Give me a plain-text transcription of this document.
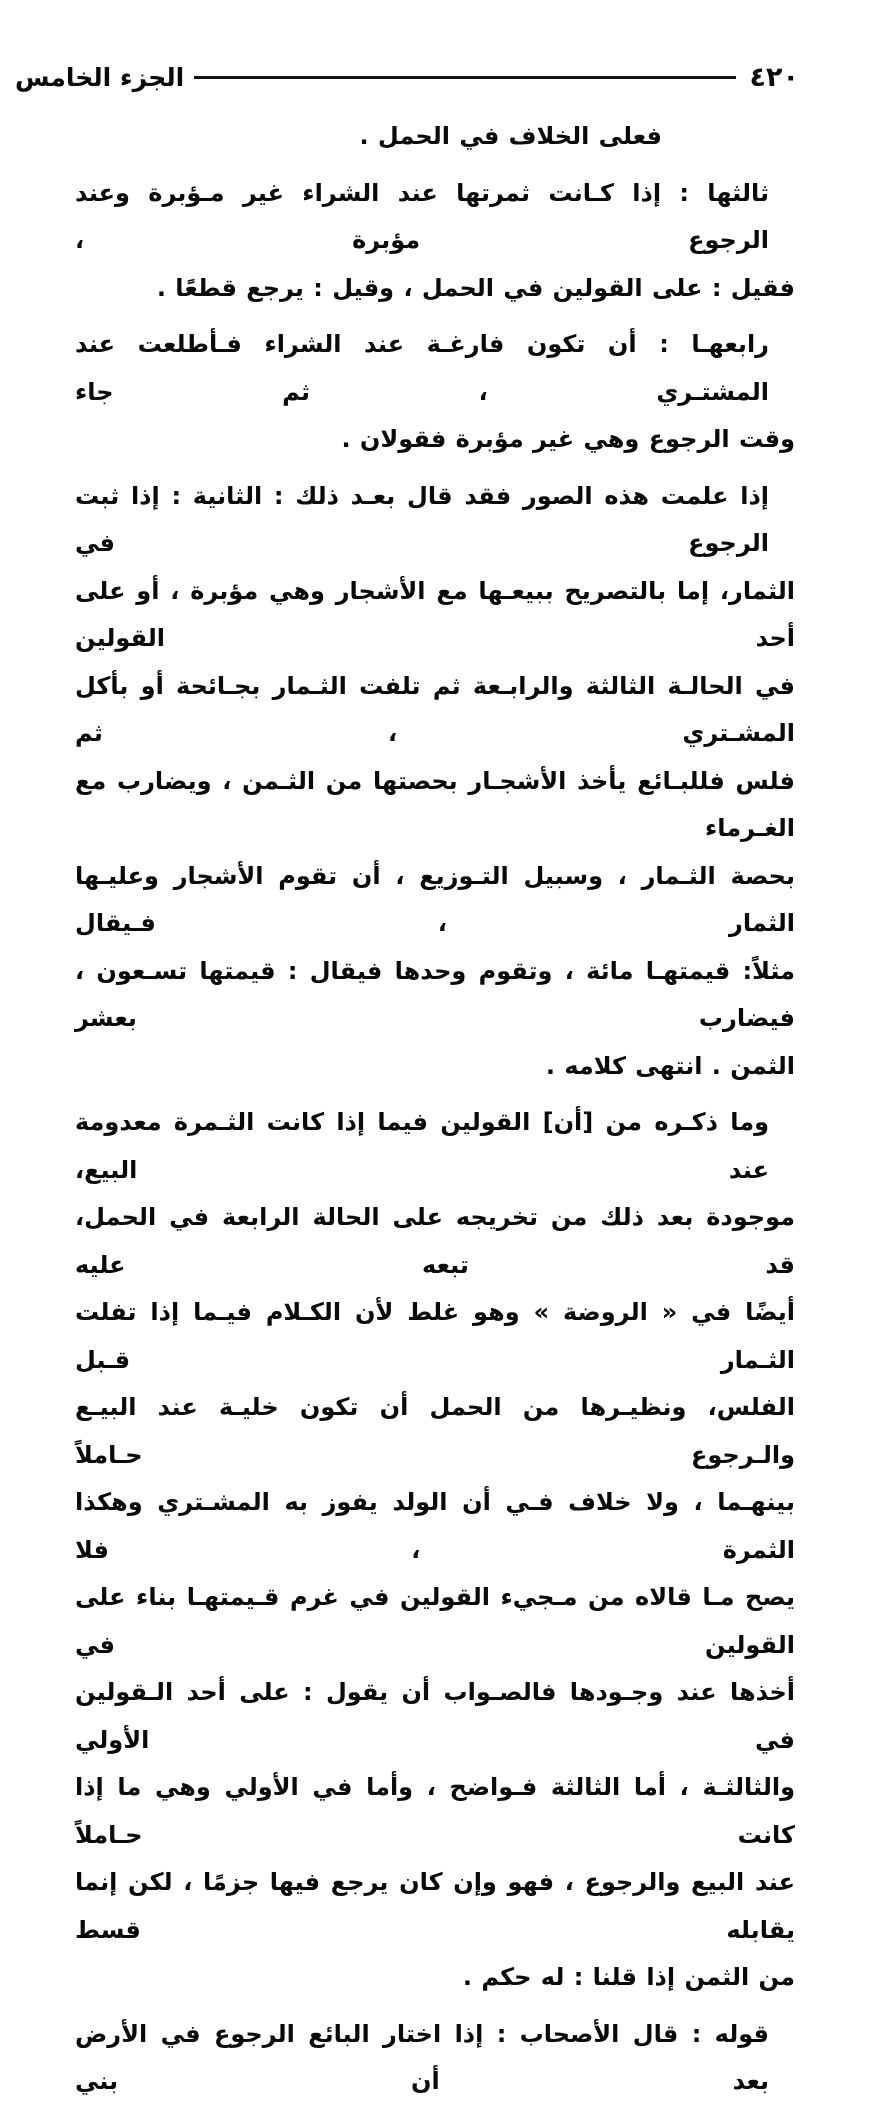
٤٢٠
الجزء الخامس
فعلى الخلاف في الحمل .
ثالثها : إذا كـانت ثمرتها عند الشراء غير مـؤبرة وعند الرجوع مؤبرة ،
فقيل : على القولين في الحمل ، وقيل : يرجع قطعًا .
رابعهـا : أن تكون فارغـة عند الشراء فـأطلعت عند المشتـري ، ثم جاء
وقت الرجوع وهي غير مؤبرة فقولان .
إذا علمت هذه الصور فقد قال بعـد ذلك : الثانية : إذا ثبت الرجوع في
الثمار، إما بالتصريح ببيعـها مع الأشجار وهي مؤبرة ، أو على أحد القولين
في الحالـة الثالثة والرابـعة ثم تلفت الثـمار بجـائحة أو بأكل المشـتري ، ثم
فلس فللبـائع يأخذ الأشجـار بحصتها من الثـمن ، ويضارب مع الغـرماء
بحصة الثـمار ، وسبيل التـوزيع ، أن تقوم الأشجار وعليـها الثمار ، فـيقال
مثلاً: قيمتهـا مائة ، وتقوم وحدها فيقال : قيمتها تسـعون ، فيضارب بعشر
الثمن . انتهى كلامه .
وما ذكـره من [أن] القولين فيما إذا كانت الثـمرة معدومة عند البيع،
موجودة بعد ذلك من تخريجه على الحالة الرابعة في الحمل، قد تبعه عليه
أيضًا في « الروضة » وهو غلط لأن الكـلام فيـما إذا تفلت الثـمار قـبل
الفلس، ونظيـرها من الحمل أن تكون خليـة عند البيـع والـرجوع حـاملاً
بينهـما ، ولا خلاف فـي أن الولد يفوز به المشـتري وهكذا الثمرة ، فلا
يصح مـا قالاه من مـجيء القولين في غرم قـيمتهـا بناء على القولين في
أخذها عند وجـودها فالصـواب أن يقول : على أحد الـقولين في الأولي
والثالثـة ، أما الثالثة فـواضح ، وأما في الأولي وهي ما إذا كانت حـاملاً
عند البيع والرجوع ، فهو وإن كان يرجع فيها جزمًا ، لكن إنما يقابله قسط
من الثمن إذا قلنا : له حكم .
قوله : قال الأصحاب : إذا اختار البائع الرجوع في الأرض بعد أن بني
